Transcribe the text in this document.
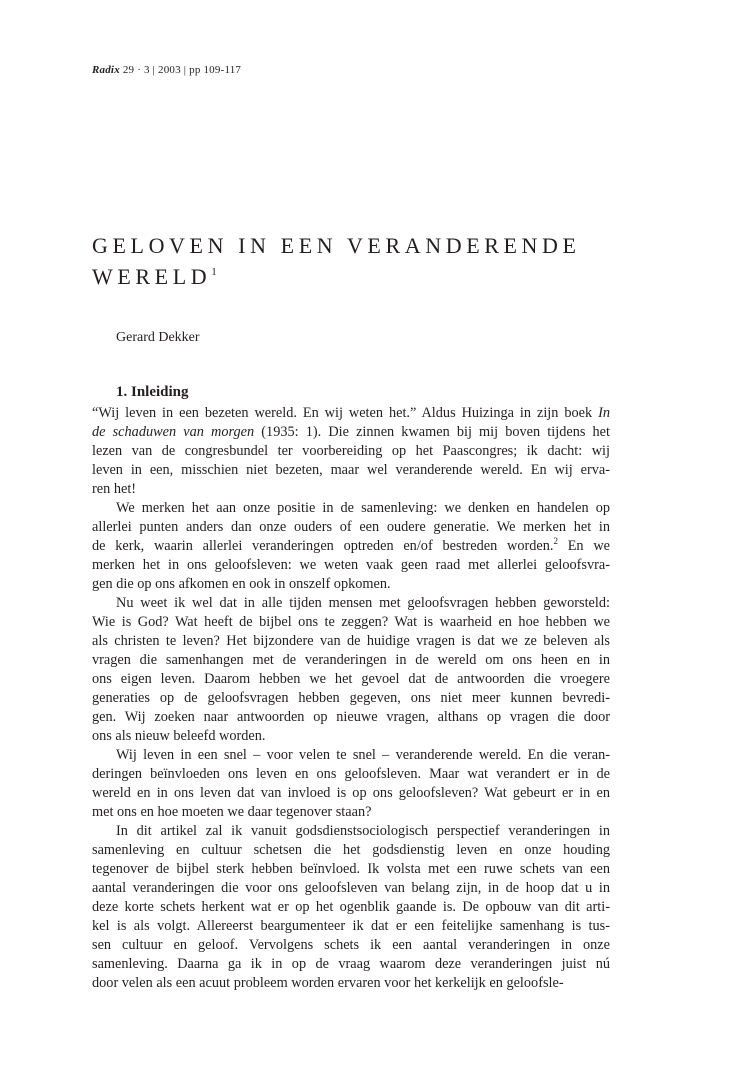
Radix 29 · 3 | 2003 | pp 109-117
GELOVEN IN EEN VERANDERENDE
WERELD$^1$
Gerard Dekker
1. Inleiding
“Wij leven in een bezeten wereld. En wij weten het.” Aldus Huizinga in zijn boek In
de schaduwen van morgen (1935: 1). Die zinnen kwamen bij mij boven tijdens het
lezen van de congresbundel ter voorbereiding op het Paascongres; ik dacht: wij
leven in een, misschien niet bezeten, maar wel veranderende wereld. En wij erva-
ren het!
We merken het aan onze positie in de samenleving: we denken en handelen op
allerlei punten anders dan onze ouders of een oudere generatie. We merken het in
de kerk, waarin allerlei veranderingen optreden en/of bestreden worden.$^2$ En we
merken het in ons geloofsleven: we weten vaak geen raad met allerlei geloofsvra-
gen die op ons afkomen en ook in onszelf opkomen.
Nu weet ik wel dat in alle tijden mensen met geloofsvragen hebben geworsteld:
Wie is God? Wat heeft de bijbel ons te zeggen? Wat is waarheid en hoe hebben we
als christen te leven? Het bijzondere van de huidige vragen is dat we ze beleven als
vragen die samenhangen met de veranderingen in de wereld om ons heen en in
ons eigen leven. Daarom hebben we het gevoel dat de antwoorden die vroegere
generaties op de geloofsvragen hebben gegeven, ons niet meer kunnen bevredi-
gen. Wij zoeken naar antwoorden op nieuwe vragen, althans op vragen die door
ons als nieuw beleefd worden.
Wij leven in een snel – voor velen te snel – veranderende wereld. En die veran-
deringen beïnvloeden ons leven en ons geloofsleven. Maar wat verandert er in de
wereld en in ons leven dat van invloed is op ons geloofsleven? Wat gebeurt er in en
met ons en hoe moeten we daar tegenover staan?
In dit artikel zal ik vanuit godsdienstsociologisch perspectief veranderingen in
samenleving en cultuur schetsen die het godsdienstig leven en onze houding
tegenover de bijbel sterk hebben beïnvloed. Ik volsta met een ruwe schets van een
aantal veranderingen die voor ons geloofsleven van belang zijn, in de hoop dat u in
deze korte schets herkent wat er op het ogenblik gaande is. De opbouw van dit arti-
kel is als volgt. Allereerst beargumenteer ik dat er een feitelijke samenhang is tus-
sen cultuur en geloof. Vervolgens schets ik een aantal veranderingen in onze
samenleving. Daarna ga ik in op de vraag waarom deze veranderingen juist nú
door velen als een acuut probleem worden ervaren voor het kerkelijk en geloofsle-
